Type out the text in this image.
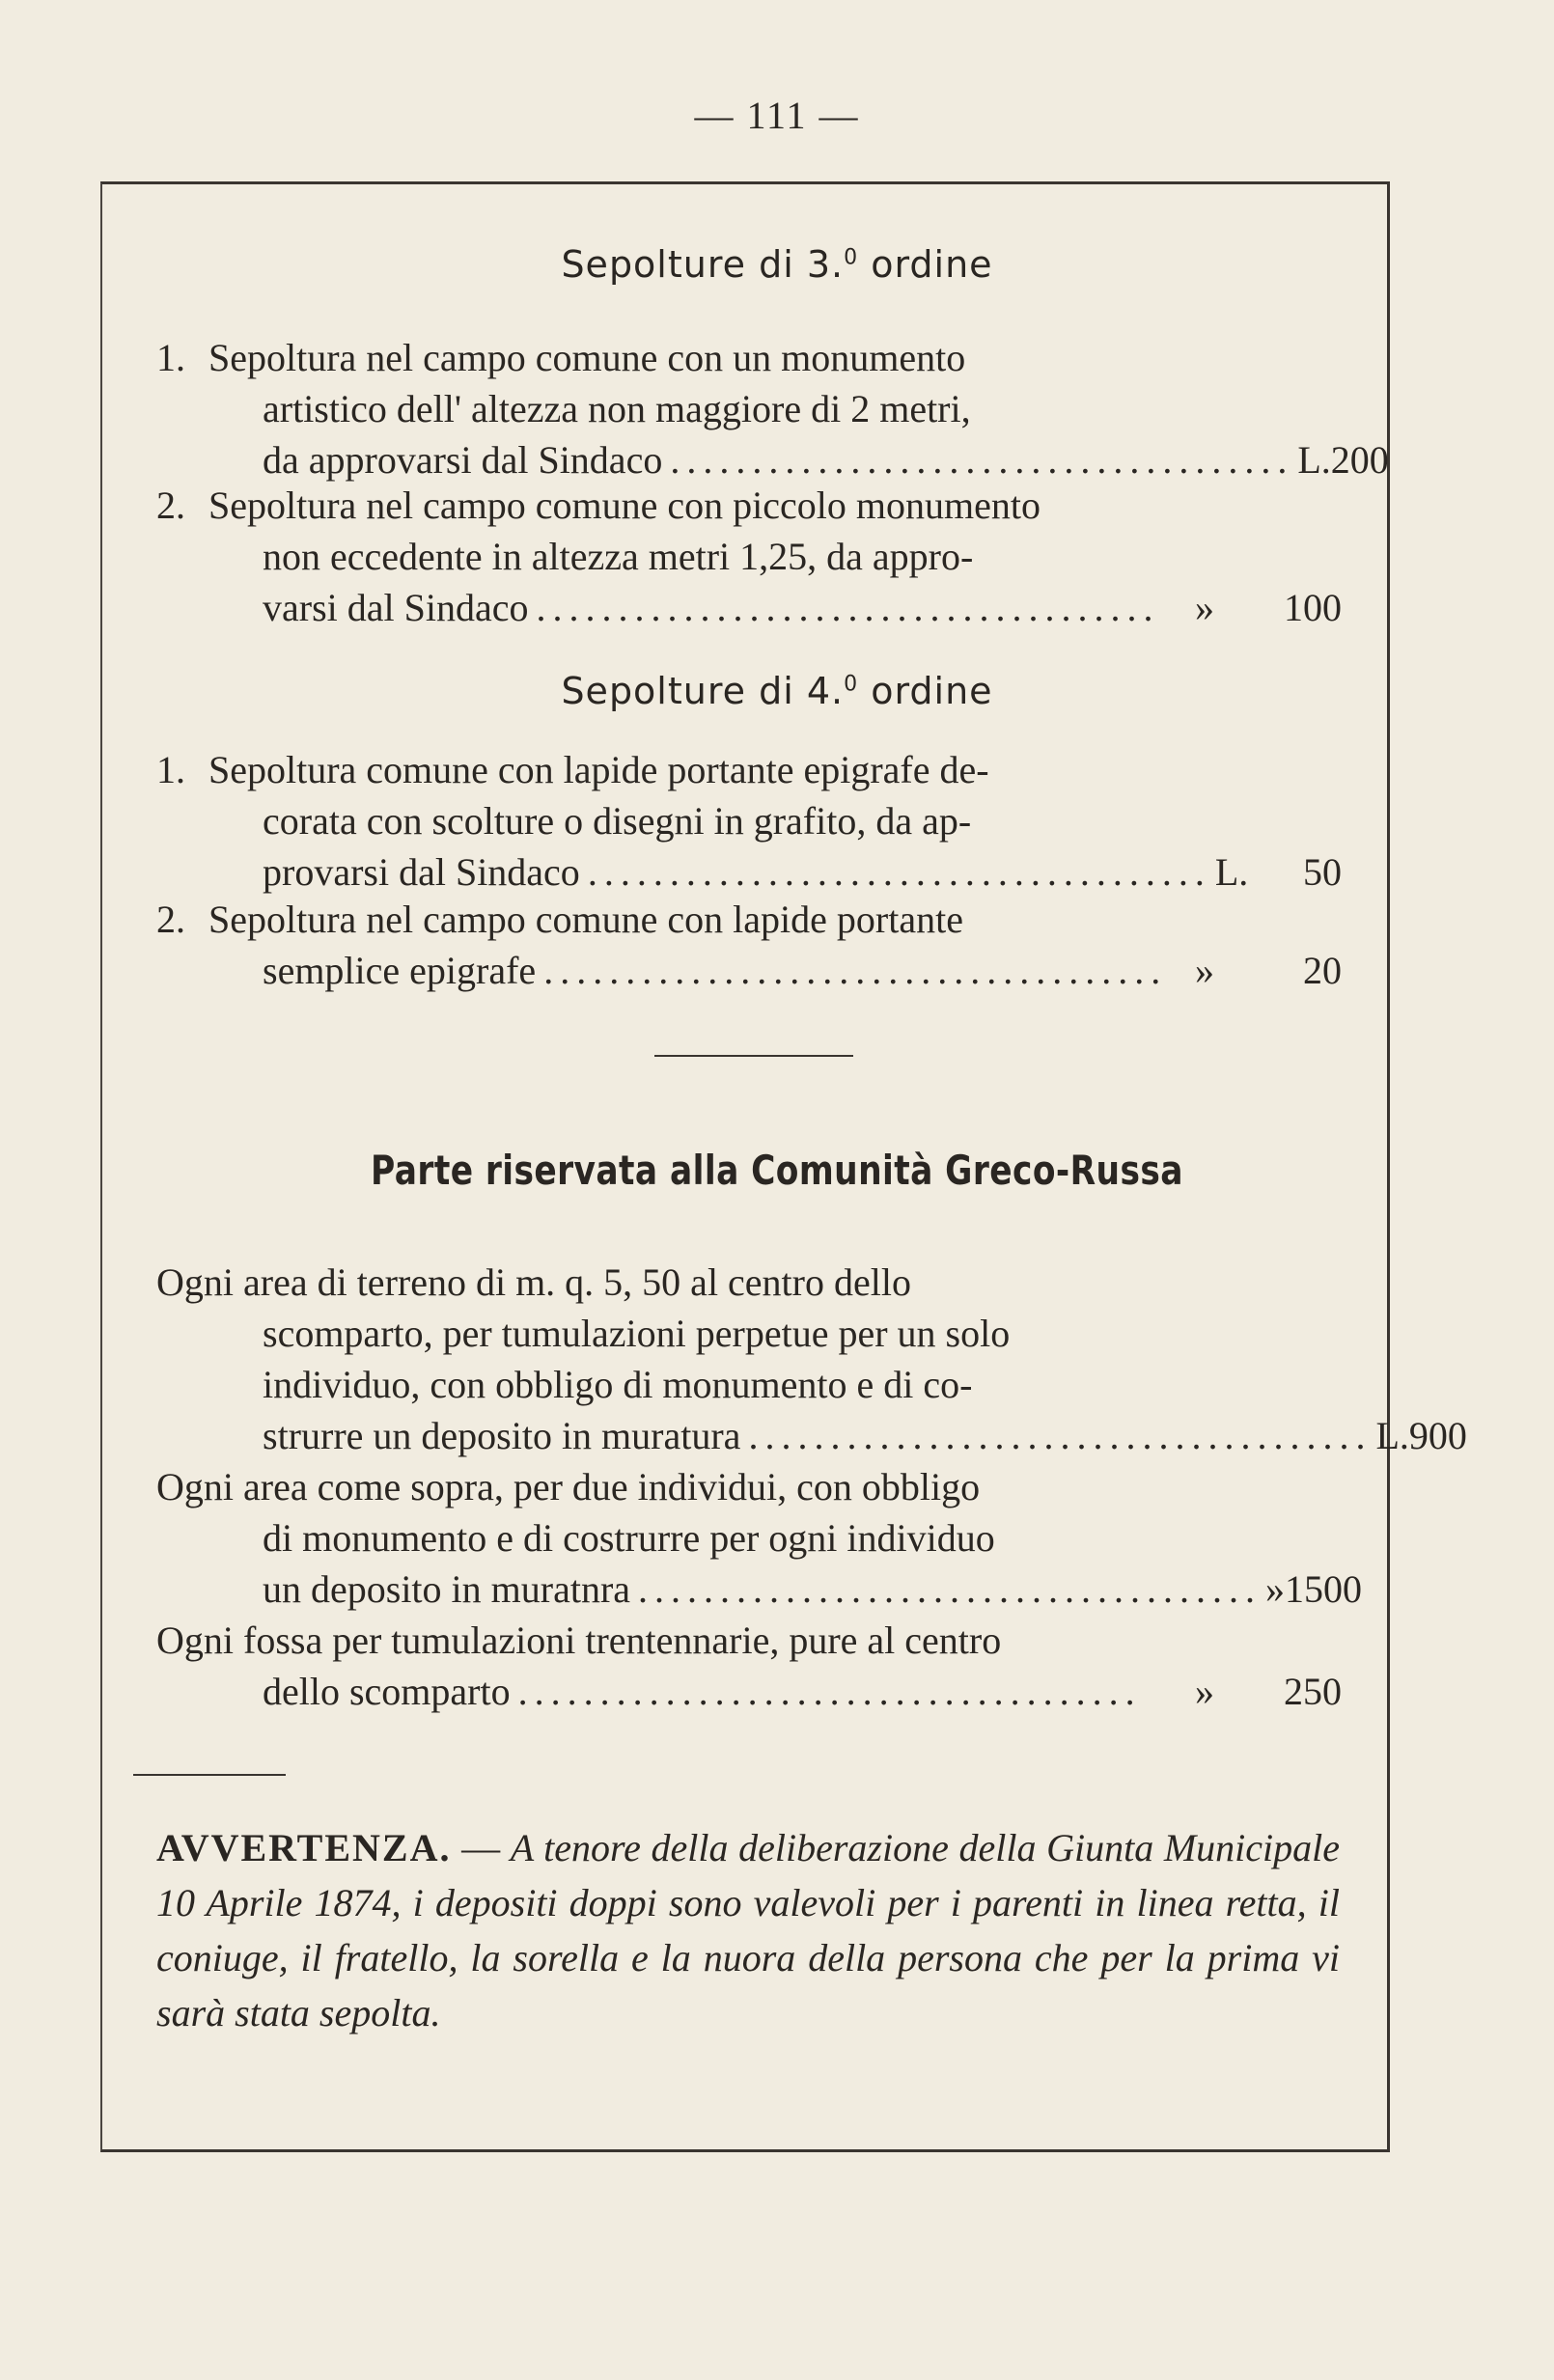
— 111 —
Sepolture di 3.$^0$ ordine
1. Sepoltura nel campo comune con un monumento
artistico dell' altezza non maggiore di 2 metri,
da approvarsi dal Sindaco ...................................... L. 200
2. Sepoltura nel campo comune con piccolo monumento
non eccedente in altezza metri 1,25, da appro-
varsi dal Sindaco ...................................... »	100
Sepolture di 4.$^0$ ordine
1. Sepoltura comune con lapide portante epigrafe de-
corata con scolture o disegni in grafito, da ap-
provarsi dal Sindaco ...................................... L.	50
2. Sepoltura nel campo comune con lapide portante
semplice epigrafe ...................................... »	20
Parte riservata alla Comunità Greco-Russa
Ogni area di terreno di m. q. 5, 50 al centro dello
scomparto, per tumulazioni perpetue per un solo
individuo, con obbligo di monumento e di co-
strurre un deposito in muratura ...................................... L. 900
Ogni area come sopra, per due individui, con obbligo
di monumento e di costrurre per ogni individuo
un deposito in muratnra ...................................... » 1500
Ogni fossa per tumulazioni trentennarie, pure al centro
dello scomparto ......................................	»	250
AVVERTENZA. — A tenore della deliberazione della Giunta Municipale 10 Aprile 1874, i depositi doppi sono valevoli per i parenti in linea retta, il coniuge, il fratello, la sorella e la nuora della persona che per la prima vi sarà stata sepolta.
